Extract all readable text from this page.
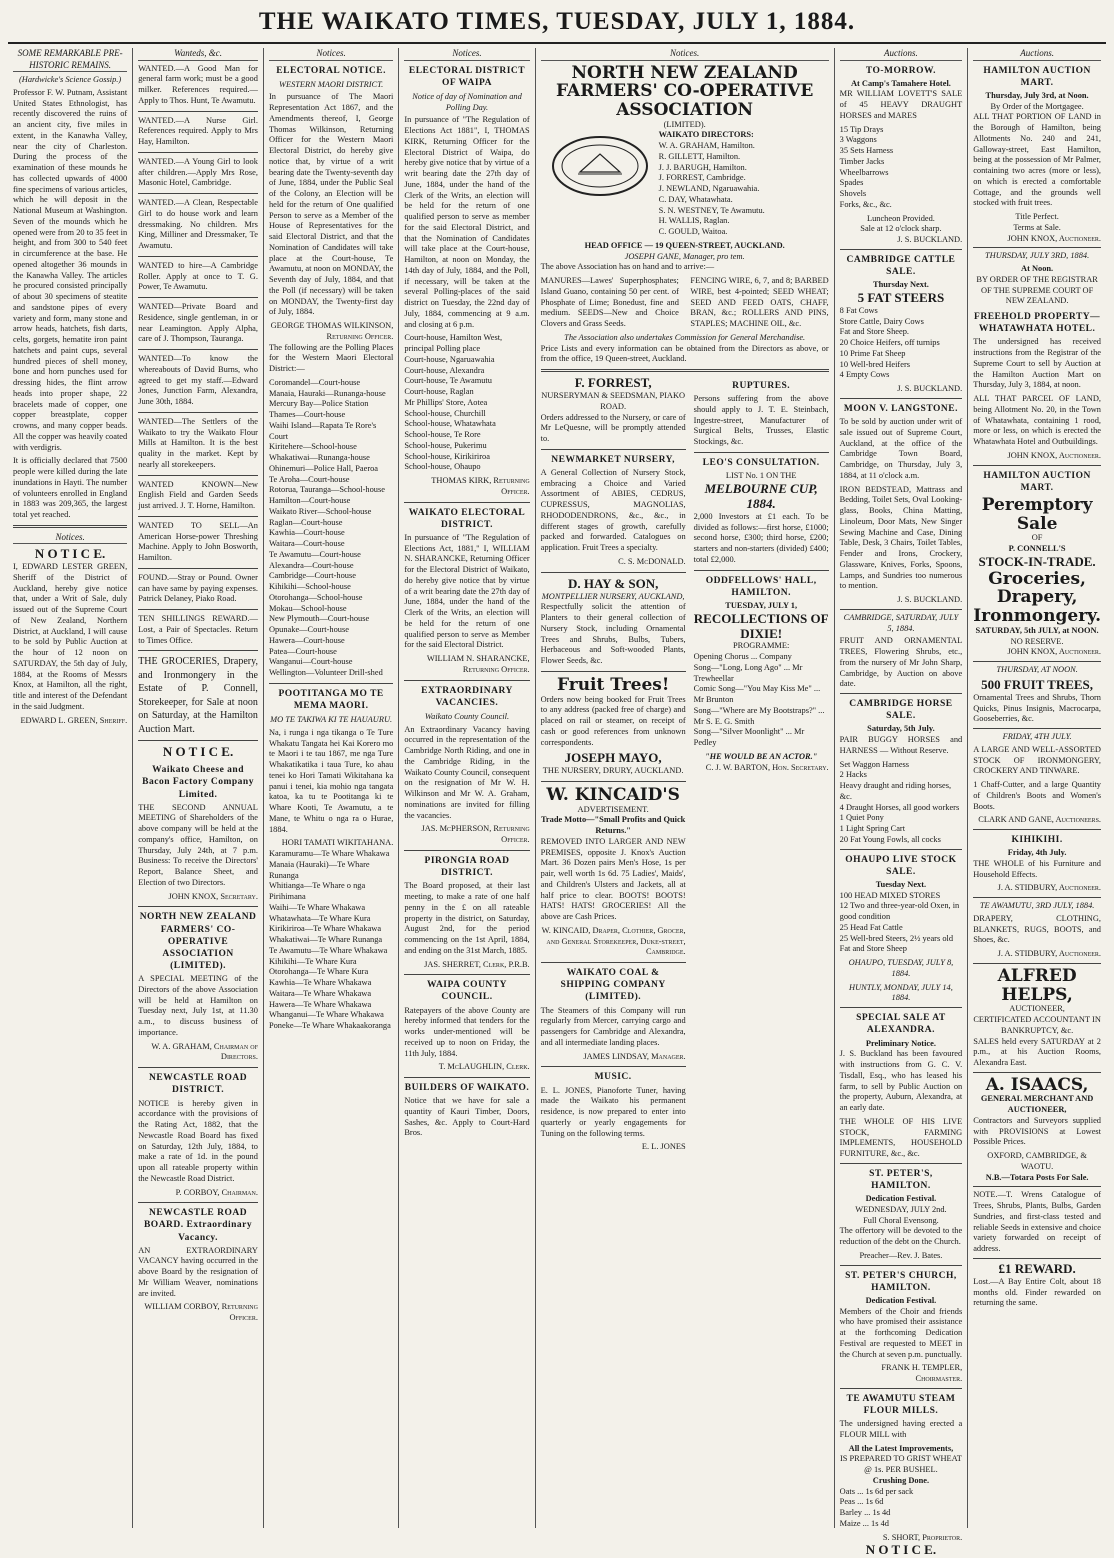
THE WAIKATO TIMES, TUESDAY, JULY 1, 1884.
SOME REMARKABLE PRE-HISTORIC REMAINS.
(Hardwicke's Science Gossip.)

Professor F. W. Putnam, Assistant United States Ethnologist, has recently discovered the ruins of an ancient city, five miles in extent, in the Kanawha Valley, near the city of Charleston. During the process of the examination of these mounds he has collected upwards of 4000 fine specimens of various articles, which he will deposit in the National Museum at Washington. Seven of the mounds which he opened were from 20 to 35 feet in height, and from 300 to 540 feet in circumference at the base. He opened altogether 36 mounds in the Kanawha Valley. The articles he procured consisted principally of about 30 specimens of steatite and sandstone pipes of every variety and form, many stone and arrow heads, hatchets, fish darts, celts, gorgets, hematite iron paint hatchets and paint cups, several hundred pieces of shell money, bone and horn punches used for dressing hides, the flint arrow heads into proper shape, 22 bracelets made of copper, one copper breastplate, copper crowns, and many copper beads. All the copper was heavily coated with verdigris.

It is officially declared that 7500 people were killed during the late inundations in Hayti. The number of volunteers enrolled in England in 1883 was 209,365, the largest total yet reached.

Notices.
N O T I C E.

I, EDWARD LESTER GREEN, Sheriff of the District of Auckland, hereby give notice that, under a Writ of Sale, duly issued out of the Supreme Court of New Zealand, Northern District, at Auckland, I will cause to be sold by Public Auction at the hour of 12 noon on SATURDAY, the 5th day of July, 1884, at the Rooms of Messrs Knox, at Hamilton, all the right, title and interest of the Defendant in the said Judgment.

EDWARD L. GREEN, Sheriff.
Wanteds, &c.

WANTED.—A Good Man for general farm work; must be a good milker. References required.—Apply to Thos. Hunt, Te Awamutu.

WANTED.—A Nurse Girl. References required. Apply to Mrs Hay, Hamilton.

WANTED.—A Young Girl to look after children.—Apply Mrs Rose, Masonic Hotel, Cambridge.

WANTED.—A Clean, Respectable Girl to do house work and learn dressmaking. No children. Mrs King, Milliner and Dressmaker, Te Awamutu.

WANTED to hire—A Cambridge Roller. Apply at once to T. G. Power, Te Awamutu.

WANTED—Private Board and Residence, single gentleman, in or near Leamington. Apply Alpha, care of J. Thompson, Tauranga.

WANTED—To know the whereabouts of David Burns, who agreed to get my staff.—Edward Jones, Junction Farm, Alexandra, June 30th, 1884.

WANTED—The Settlers of the Waikato to try the Waikato Flour Mills at Hamilton. It is the best quality in the market. Kept by nearly all storekeepers.

WANTED KNOWN—New English Field and Garden Seeds just arrived. J. T. Horne, Hamilton.

WANTED TO SELL—An American Horse-power Threshing Machine. Apply to John Bosworth, Hamilton.

FOUND.—Stray or Pound. Owner can have same by paying expenses. Patrick Delaney, Piako Road.

TEN SHILLINGS REWARD.—Lost, a Pair of Spectacles. Return to Times Office.

THE GROCERIES, Drapery, and Ironmongery in the Estate of P. Connell, Storekeeper, for Sale at noon on Saturday, at the Hamilton Auction Mart.

N O T I C E.
Waikato Cheese and Bacon Factory Company Limited.

THE SECOND ANNUAL MEETING of Shareholders of the above company will be held at the company's office, Hamilton, on Thursday, July 24th, at 7 p.m. Business: To receive the Directors' Report, Balance Sheet, and Election of two Directors.

JOHN KNOX, Secretary.
NORTH NEW ZEALAND FARMERS' CO-OPERATIVE ASSOCIATION (LIMITED).

A SPECIAL MEETING of the Directors of the above Association will be held at Hamilton on Tuesday next, July 1st, at 11.30 a.m., to discuss business of importance.

W. A. GRAHAM, Chairman of Directors.
NEWCASTLE ROAD DISTRICT.

NOTICE is hereby given in accordance with the provisions of the Rating Act, 1882, that the Newcastle Road Board has fixed on Saturday, 12th July, 1884, to make a rate of 1d. in the pound upon all rateable property within the Newcastle Road District.

P. CORBOY, Chairman.
NEWCASTLE ROAD BOARD. Extraordinary Vacancy.

AN EXTRAORDINARY VACANCY having occurred in the above Board by the resignation of Mr William Weaver, nominations are invited.

WILLIAM CORBOY, Returning Officer.
Notices.
ELECTORAL NOTICE.
WESTERN MAORI DISTRICT.

In pursuance of The Maori Representation Act 1867, and the Amendments thereof, I, George Thomas Wilkinson, Returning Officer for the Western Maori Electoral District, do hereby give notice that, by virtue of a writ bearing date the Twenty-seventh day of June, 1884, under the Public Seal of the Colony, an Election will be held for the return of One qualified Person to serve as a Member of the House of Representatives for the said Electoral District, and that the Nomination of Candidates will take place at the Court-house, Te Awamutu, at noon on MONDAY, the Seventh day of July, 1884, and that the Poll (if necessary) will be taken on MONDAY, the Twenty-first day of July, 1884.

GEORGE THOMAS WILKINSON, Returning Officer.

The following are the Polling Places for the Western Maori Electoral District:—

Coromandel—Court-house
Manaia, Hauraki—Runanga-house
Mercury Bay—Police Station
Thames—Court-house
Waihi Island—Rapata Te Rore's Court
Kiritehere—School-house
Whakatiwai—Runanga-house
Ohinemuri—Police Hall, Paeroa
Te Aroha—Court-house
Rotorua, Tauranga—School-house
Hamilton—Court-house
Waikato River—School-house
Raglan—Court-house
Kawhia—Court-house
Waitara—Court-house
Te Awamutu—Court-house
Alexandra—Court-house
Cambridge—Court-house
Kihikihi—School-house
Otorohanga—School-house
Mokau—School-house
New Plymouth—Court-house
Opunake—Court-house
Hawera—Court-house
Patea—Court-house
Wanganui—Court-house
Wellington—Volunteer Drill-shed
POOTITANGA MO TE MEMA MAORI.
MO TE TAKIWA KI TE HAUAURU.

Na, i runga i nga tikanga o Te Ture Whakatu Tangata hei Kai Korero mo te Maori i te tau 1867, me nga Ture Whakatikatika i taua Ture, ko ahau tenei ko Hori Tamati Wikitahana ka panui i tenei, kia mohio nga tangata katoa, ka tu te Pootitanga ki te Whare Kooti, Te Awamutu, a te Mane, te Whitu o nga ra o Hurae, 1884.

HORI TAMATI WIKITAHANA.
Karamuramu—Te Whare Whakawa
Manaia (Hauraki)—Te Whare Runanga
Whitianga—Te Whare o nga Pirihimana
Waihi—Te Whare Whakawa
Whatawhata—Te Whare Kura
Kirikiriroa—Te Whare Whakawa
Whakatiwai—Te Whare Runanga
Te Awamutu—Te Whare Whakawa
Kihikihi—Te Whare Kura
Otorohanga—Te Whare Kura
Kawhia—Te Whare Whakawa
Waitara—Te Whare Whakawa
Hawera—Te Whare Whakawa
Whanganui—Te Whare Whakawa
Poneke—Te Whare Whakaakoranga
Notices.
ELECTORAL DISTRICT OF WAIPA
Notice of day of Nomination and Polling Day.

In pursuance of "The Regulation of Elections Act 1881", I, THOMAS KIRK, Returning Officer for the Electoral District of Waipa, do hereby give notice that by virtue of a writ bearing date the 27th day of June, 1884, under the hand of the Clerk of the Writs, an election will be held for the return of one qualified person to serve as member for the said Electoral District, and that the Nomination of Candidates will take place at the Court-house, Hamilton, at noon on Monday, the 14th day of July, 1884, and the Poll, if necessary, will be taken at the several Polling-places of the said district on Tuesday, the 22nd day of July, 1884, commencing at 9 a.m. and closing at 6 p.m.

Court-house, Hamilton West, principal Polling place
Court-house, Ngaruawahia
Court-house, Alexandra
Court-house, Te Awamutu
Court-house, Raglan
Mr Phillips' Store, Aotea
School-house, Churchill
School-house, Whatawhata
School-house, Te Rore
School-house, Pukerimu
School-house, Kirikiriroa
School-house, Ohaupo
THOMAS KIRK, Returning Officer.
WAIKATO ELECTORAL DISTRICT.

In pursuance of "The Regulation of Elections Act, 1881," I, WILLIAM N. SHARANCKE, Returning Officer for the Electoral District of Waikato, do hereby give notice that by virtue of a writ bearing date the 27th day of June, 1884, under the hand of the Clerk of the Writs, an election will be held for the return of one qualified person to serve as Member for the said Electoral District.

WILLIAM N. SHARANCKE, Returning Officer.
EXTRAORDINARY VACANCIES.
Waikato County Council.

An Extraordinary Vacancy having occurred in the representation of the Cambridge North Riding, and one in the Cambridge Riding, in the Waikato County Council, consequent on the resignation of Mr W. H. Wilkinson and Mr W. A. Graham, nominations are invited for filling the vacancies.

JAS. McPHERSON, Returning Officer.
PIRONGIA ROAD DISTRICT.

The Board proposed, at their last meeting, to make a rate of one half penny in the £ on all rateable property in the district, on Saturday, August 2nd, for the period commencing on the 1st April, 1884, and ending on the 31st March, 1885.

JAS. SHERRET, Clerk, P.R.B.
WAIPA COUNTY COUNCIL.

Ratepayers of the above County are hereby informed that tenders for the works under-mentioned will be received up to noon on Friday, the 11th July, 1884.

T. McLAUGHLIN, Clerk.
BUILDERS OF WAIKATO.

Notice that we have for sale a quantity of Kauri Timber, Doors, Sashes, &c. Apply to Court-Hard Bros.

Notices.
NORTH NEW ZEALAND FARMERS' CO-OPERATIVE ASSOCIATION
(LIMITED).
WAIKATO DIRECTORS:
W. A. GRAHAM, Hamilton.
R. GILLETT, Hamilton.
J. J. BARUGH, Hamilton.
J. FORREST, Cambridge.
J. NEWLAND, Ngaruawahia.
C. DAY, Whatawhata.
S. N. WESTNEY, Te Awamutu.
H. WALLIS, Raglan.
C. GOULD, Waitoa.
HEAD OFFICE — 19 QUEEN-STREET, AUCKLAND.
JOSEPH GANE, Manager, pro tem.

The above Association has on hand and to arrive:—

MANURES—Lawes' Superphosphates; Island Guano, containing 50 per cent. of Phosphate of Lime; Bonedust, fine and medium. SEEDS—New and Choice Clovers and Grass Seeds.

FENCING WIRE, 6, 7, and 8; BARBED WIRE, best 4-pointed; SEED WHEAT; SEED AND FEED OATS, CHAFF, BRAN, &c.; ROLLERS AND PINS, STAPLES; MACHINE OIL, &c.

The Association also undertakes Commission for General Merchandise.

Price Lists and every information can be obtained from the Directors as above, or from the office, 19 Queen-street, Auckland.

F. FORREST,
NURSERYMAN & SEEDSMAN, PIAKO ROAD.

Orders addressed to the Nursery, or care of Mr LeQuesne, will be promptly attended to.

NEWMARKET NURSERY,

A General Collection of Nursery Stock, embracing a Choice and Varied Assortment of ABIES, CEDRUS, CUPRESSUS, MAGNOLIAS, RHODODENDRONS, &c., &c., in different stages of growth, carefully packed and forwarded. Catalogues on application. Fruit Trees a specialty.

C. S. McDONALD.
D. HAY & SON,
MONTPELLIER NURSERY, AUCKLAND,

Respectfully solicit the attention of Planters to their general collection of Nursery Stock, including Ornamental Trees and Shrubs, Bulbs, Tubers, Herbaceous and Soft-wooded Plants, Flower Seeds, &c.

Fruit Trees!

Orders now being booked for Fruit Trees to any address (packed free of charge) and placed on rail or steamer, on receipt of cash or good references from unknown correspondents.

JOSEPH MAYO,
THE NURSERY, DRURY, AUCKLAND.
W. KINCAID'S
ADVERTISEMENT.
Trade Motto—"Small Profits and Quick Returns."

REMOVED INTO LARGER AND NEW PREMISES, opposite J. Knox's Auction Mart. 36 Dozen pairs Men's Hose, 1s per pair, well worth 1s 6d. 75 Ladies', Maids', and Children's Ulsters and Jackets, all at half price to clear. BOOTS! BOOTS! HATS! HATS! GROCERIES! All the above are Cash Prices.

W. KINCAID, Draper, Clothier, Grocer, and General Storekeeper, Duke-street, Cambridge.
WAIKATO COAL & SHIPPING COMPANY (LIMITED).

The Steamers of this Company will run regularly from Mercer, carrying cargo and passengers for Cambridge and Alexandra, and all intermediate landing places.

JAMES LINDSAY, Manager.
MUSIC.

E. L. JONES, Pianoforte Tuner, having made the Waikato his permanent residence, is now prepared to enter into quarterly or yearly engagements for Tuning on the following terms.

E. L. JONES
RUPTURES.

Persons suffering from the above should apply to J. T. E. Steinbach, Ingestre-street, Manufacturer of Surgical Belts, Trusses, Elastic Stockings, &c.

LEO'S CONSULTATION.
LIST No. 1 ON THE
MELBOURNE CUP, 1884.

2,000 Investors at £1 each. To be divided as follows:—first horse, £1000; second horse, £300; third horse, £200; starters and non-starters (divided) £400; total £2,000.

ODDFELLOWS' HALL, HAMILTON.
TUESDAY, JULY 1,
RECOLLECTIONS OF DIXIE!
PROGRAMME:
Opening Chorus ... Company
Song—"Long, Long Ago" ... Mr Trewheellar
Comic Song—"You May Kiss Me" ... Mr Brunton
Song—"Where are My Bootstraps?" ... Mr S. E. G. Smith
Song—"Silver Moonlight" ... Mr Pedley
"HE WOULD BE AN ACTOR."
C. J. W. BARTON, Hon. Secretary.
Auctions.
TO-MORROW.
At Camp's Tamahere Hotel.

MR WILLIAM LOVETT'S SALE of 45 HEAVY DRAUGHT HORSES and MARES

15 Tip Drays
3 Waggons
35 Sets Harness
Timber Jacks
Wheelbarrows
Spades
Shovels
Forks, &c., &c.
Luncheon Provided.
Sale at 12 o'clock sharp.
J. S. BUCKLAND.
CAMBRIDGE CATTLE SALE.
Thursday Next.
5 FAT STEERS
8 Fat Cows
Store Cattle, Dairy Cows
Fat and Store Sheep.
20 Choice Heifers, off turnips
10 Prime Fat Sheep
10 Well-bred Heifers
4 Empty Cows
J. S. BUCKLAND.
MOON V. LANGSTONE.

To be sold by auction under writ of sale issued out of Supreme Court, Auckland, at the office of the Cambridge Town Board, Cambridge, on Thursday, July 3, 1884, at 11 o'clock a.m.

IRON BEDSTEAD, Mattrass and Bedding, Toilet Sets, Oval Looking-glass, Books, China Matting, Linoleum, Door Mats, New Singer Sewing Machine and Case, Dining Table, Desk, 3 Chairs, Toilet Tables, Fender and Irons, Crockery, Glassware, Knives, Forks, Spoons, Lamps, and Sundries too numerous to mention.

J. S. BUCKLAND.
CAMBRIDGE, SATURDAY, JULY 5, 1884.

FRUIT AND ORNAMENTAL TREES, Flowering Shrubs, etc., from the nursery of Mr John Sharp, Cambridge, by Auction on above date.

CAMBRIDGE HORSE SALE.
Saturday, 5th July.

PAIR BUGGY HORSES and HARNESS — Without Reserve.

Set Waggon Harness
2 Hacks
Heavy draught and riding horses, &c.
4 Draught Horses, all good workers
1 Quiet Pony
1 Light Spring Cart
20 Fat Young Fowls, all cocks
OHAUPO LIVE STOCK SALE.
Tuesday Next.
100 HEAD MIXED STORES
12 Two and three-year-old Oxen, in good condition
25 Head Fat Cattle
25 Well-bred Steers, 2½ years old
Fat and Store Sheep
OHAUPO, TUESDAY, JULY 8, 1884.
HUNTLY, MONDAY, JULY 14, 1884.
SPECIAL SALE AT ALEXANDRA.
Preliminary Notice.

J. S. Buckland has been favoured with instructions from G. C. V. Tisdall, Esq., who has leased his farm, to sell by Public Auction on the property, Auburn, Alexandra, at an early date.

THE WHOLE OF HIS LIVE STOCK, FARMING IMPLEMENTS, HOUSEHOLD FURNITURE, &c., &c.

ST. PETER'S, HAMILTON.
Dedication Festival.
WEDNESDAY, JULY 2nd.
Full Choral Evensong.

The offertory will be devoted to the reduction of the debt on the Church.

Preacher—Rev. J. Bates.
ST. PETER'S CHURCH, HAMILTON.
Dedication Festival.

Members of the Choir and friends who have promised their assistance at the forthcoming Dedication Festival are requested to MEET in the Church at seven p.m. punctually.

FRANK H. TEMPLER, Choirmaster.
TE AWAMUTU STEAM FLOUR MILLS.

The undersigned having erected a FLOUR MILL with

All the Latest Improvements,
IS PREPARED TO GRIST WHEAT @ 1s. PER BUSHEL.
Crushing Done.
Oats ... 1s 6d per sack
Peas ... 1s 6d
Barley ... 1s 4d
Maize ... 1s 4d
S. SHORT, Proprietor.
N O T I C E.
Auctions.
HAMILTON AUCTION MART.
Thursday, July 3rd, at Noon.
By Order of the Mortgagee.

ALL THAT PORTION OF LAND in the Borough of Hamilton, being Allotments No. 240 and 241, Galloway-street, East Hamilton, being at the possession of Mr Palmer, containing two acres (more or less), on which is erected a comfortable Cottage, and the grounds well stocked with fruit trees.

Title Perfect.
Terms at Sale.
JOHN KNOX, Auctioneer.
THURSDAY, JULY 3RD, 1884.
At Noon.
BY ORDER OF THE REGISTRAR OF THE SUPREME COURT OF NEW ZEALAND.
FREEHOLD PROPERTY—WHATAWHATA HOTEL.

The undersigned has received instructions from the Registrar of the Supreme Court to sell by Auction at the Hamilton Auction Mart on Thursday, July 3, 1884, at noon.

ALL THAT PARCEL OF LAND, being Allotment No. 20, in the Town of Whatawhata, containing 1 rood, more or less, on which is erected the Whatawhata Hotel and Outbuildings.

JOHN KNOX, Auctioneer.
HAMILTON AUCTION MART.
Peremptory Sale
OF
P. CONNELL'S
STOCK-IN-TRADE.
Groceries, Drapery, Ironmongery.
SATURDAY, 5th JULY, at NOON.
NO RESERVE.
JOHN KNOX, Auctioneer.
THURSDAY, AT NOON.
500 FRUIT TREES,

Ornamental Trees and Shrubs, Thorn Quicks, Pinus Insignis, Macrocarpa, Gooseberries, &c.

FRIDAY, 4TH JULY.

A LARGE AND WELL-ASSORTED STOCK OF IRONMONGERY, CROCKERY AND TINWARE.

1 Chaff-Cutter, and a large Quantity of Children's Boots and Women's Boots.

CLARK AND GANE, Auctioneers.
KIHIKIHI.
Friday, 4th July.

THE WHOLE of his Furniture and Household Effects.

J. A. STIDBURY, Auctioneer.
TE AWAMUTU, 3RD JULY, 1884.

DRAPERY, CLOTHING, BLANKETS, RUGS, BOOTS, and Shoes, &c.

J. A. STIDBURY, Auctioneer.
ALFRED HELPS,
AUCTIONEER,
CERTIFICATED ACCOUNTANT IN BANKRUPTCY, &c.

SALES held every SATURDAY at 2 p.m., at his Auction Rooms, Alexandra East.

A. ISAACS,
GENERAL MERCHANT AND AUCTIONEER,

Contractors and Surveyors supplied with PROVISIONS at Lowest Possible Prices.

OXFORD, CAMBRIDGE, & WAOTU.
N.B.—Totara Posts For Sale.

NOTE.—T. Wrens Catalogue of Trees, Shrubs, Plants, Bulbs, Garden Sundries, and first-class tested and reliable Seeds in extensive and choice variety forwarded on receipt of address.

£1 REWARD.

Lost.—A Bay Entire Colt, about 18 months old. Finder rewarded on returning the same.
